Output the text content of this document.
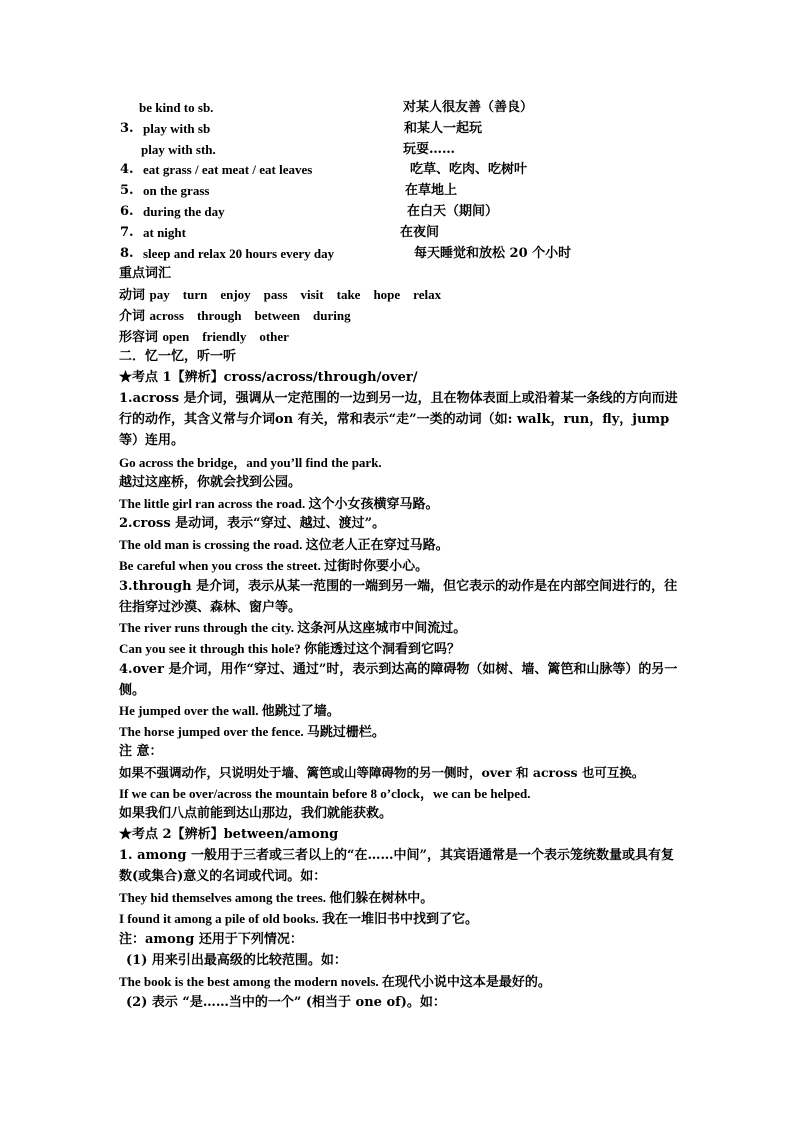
be kind to sb.	对某人很友善（善良）
3. play with sb	和某人一起玩
play with sth.	玩耍……
4. eat grass / eat meat / eat leaves	吃草、吃肉、吃树叶
5. on the grass	在草地上
6. during the day	在白天（期间）
7. at night	在夜间
8. sleep and relax 20 hours every day	每天睡觉和放松 20 个小时
重点词汇
动词 pay    turn    enjoy    pass    visit    take    hope    relax
介词 across    through    between    during
形容词 open    friendly    other
二．忆一忆，听一听
★考点 1【辨析】cross/across/through/over/
1.across 是介词，强调从一定范围的一边到另一边，且在物体表面上或沿着某一条线的方向而进行的动作，其含义常与介词on 有关，常和表示“走”一类的动词（如: walk，run，fly，jump 等）连用。
Go across the bridge，and you’ll find the park.
越过这座桥，你就会找到公园。
The little girl ran across the road. 这个小女孩横穿马路。
2.cross 是动词，表示“穿过、越过、渡过”。
The old man is crossing the road. 这位老人正在穿过马路。
Be careful when you cross the street. 过街时你要小心。
3.through 是介词，表示从某一范围的一端到另一端，但它表示的动作是在内部空间进行的，往往指穿过沙漠、森林、窗户等。
The river runs through the city. 这条河从这座城市中间流过。
Can you see it through this hole? 你能透过这个洞看到它吗？
4.over 是介词，用作“穿过、通过”时，表示到达高的障碍物（如树、墙、篱笆和山脉等）的另一侧。
He jumped over the wall. 他跳过了墙。
The horse jumped over the fence. 马跳过栅栏。
注 意：
如果不强调动作，只说明处于墙、篱笆或山等障碍物的另一侧时，over 和 across 也可互换。
If we can be over/across the mountain before 8 o’clock，we can be helped.
如果我们八点前能到达山那边，我们就能获救。
★考点 2【辨析】between/among
1. among 一般用于三者或三者以上的“在……中间”，其宾语通常是一个表示笼统数量或具有复数(或集合)意义的名词或代词。如：
They hid themselves among the trees. 他们躲在树林中。
I found it among a pile of old books. 我在一堆旧书中找到了它。
注：among 还用于下列情况：
(1) 用来引出最高级的比较范围。如：
The book is the best among the modern novels. 在现代小说中这本是最好的。
(2) 表示 “是……当中的一个” (相当于 one of)。如：
